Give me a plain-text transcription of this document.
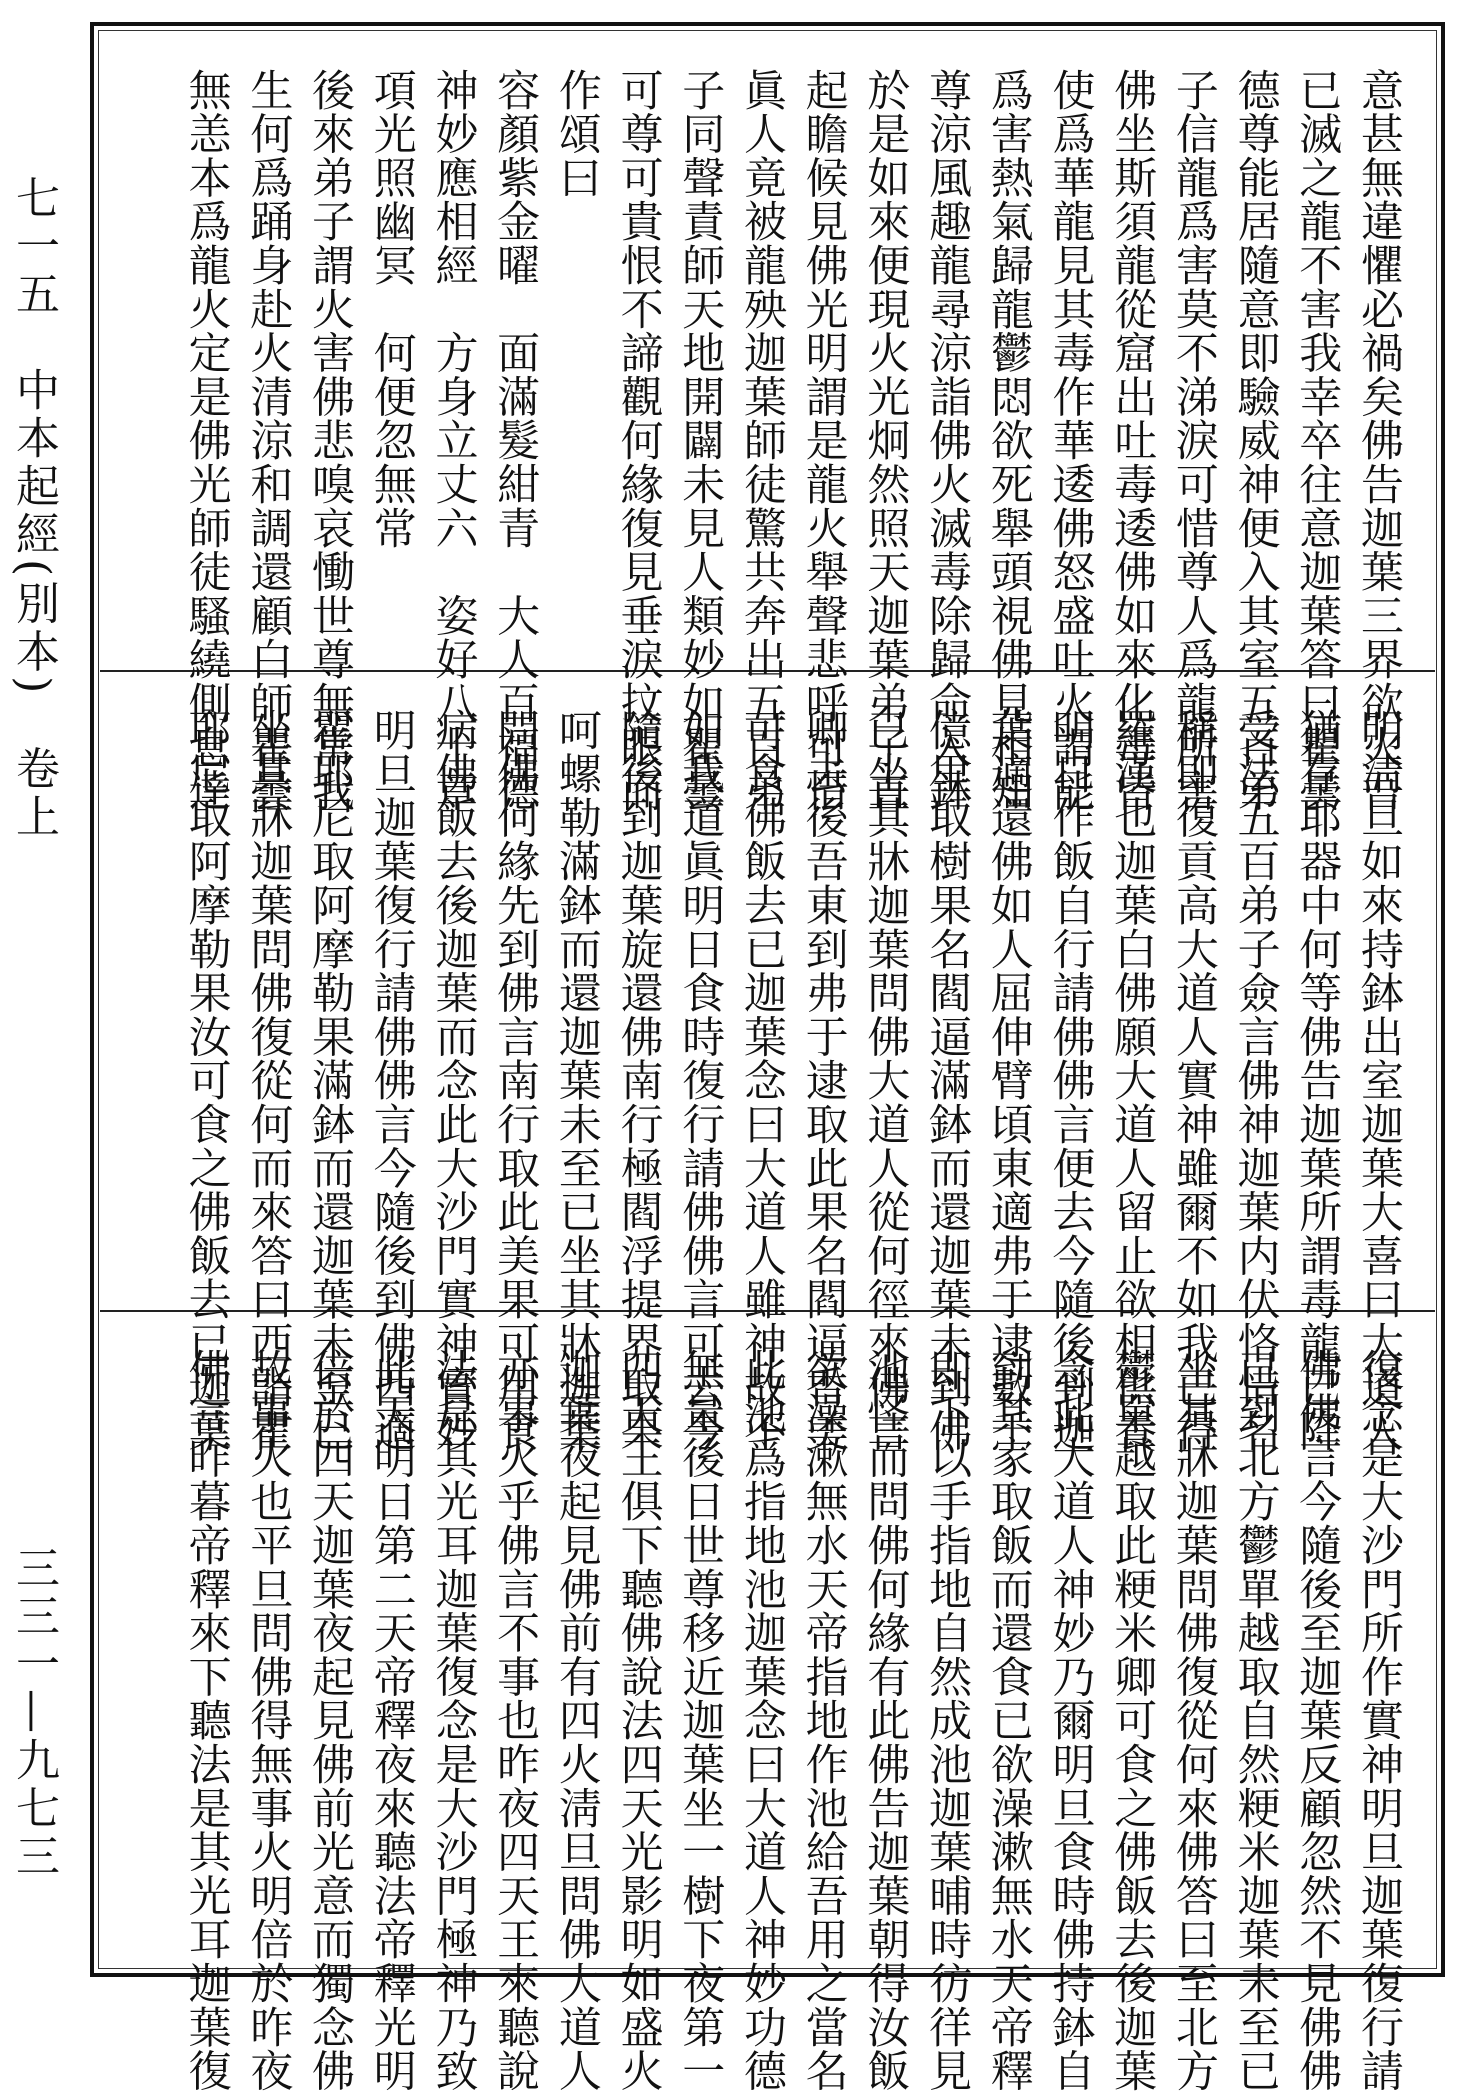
七一五　中本起經(別本)　卷上
三三一—九七三
意甚無違懼必禍矣佛告迦葉三界欲火吾
已滅之龍不害我幸卒往意迦葉答曰瞿曇
德尊能居隨意即驗威神便入其室五百弟
子信龍爲害莫不涕淚可惜尊人爲龍所害
佛坐斯須龍從窟出吐毒逶佛如來化毒皆
使爲華龍見其毒作華逶佛怒盛吐火謂能
爲害熱氣歸龍鬱悶欲死舉頭視佛見相知
尊涼風趣龍尋涼詣佛火滅毒除歸命入鉢
於是如來便現火光炯然照天迦葉弟子直
起瞻候見佛光明謂是龍火舉聲悲呼可惜
眞人竟被龍殃迦葉師徒驚共奔出五百弟
子同聲責師天地開闢未見人類妙如瞿曇
可尊可貴恨不諦觀何緣復見垂淚抆眼而
作頌曰
容顏紫金曜　面滿髮紺青　大人百福德
神妙應相經　方身立丈六　姿好八十章
項光照幽冥　何便忽無常
後來弟子謂火害佛悲嗅哀慟世尊無常我
生何爲踊身赴火清涼和調還顧白師瞿曇
無恙本爲龍火定是佛光師徒騷繞側息達
明淸旦如來持鉢出室迦葉大喜曰大道人
猶存耶器中何等佛告迦葉所謂毒龍已降
受法五百弟子僉言佛神迦葉内伏恪惜名
稱即復貢高大道人實神雖爾不如我已得
羅漢也迦葉白佛願大道人留止欲相供養
明日作飯自行請佛佛言便去今隨後到迦
葉適還佛如人屈伸臂頃東適弗于逮數千
億里取樹果名閻逼滿鉢而還迦葉未到佛
已坐其牀迦葉問佛大道人從何徑來佛言
卿去後吾東到弗于逮取此果名閻逼香美
可食佛飯去已迦葉念曰大道人雖神故不
如我道眞明日食時復行請佛佛言可去今
隨後到迦葉旋還佛南行極閻浮提界取果
呵螺勒滿鉢而還迦葉未至已坐其牀迦葉
問佛何緣先到佛言南行取此美果可用食
病佛飯去後迦葉而念此大沙門實神實妙
明旦迦葉復行請佛佛言今隨後到佛西適
瞿耶尼取阿摩勒果滿鉢而還迦葉未至已
坐其牀迦葉問佛復從何而來答曰西詣瞿
耶尼取阿摩勒果汝可食之佛飯去已迦葉
復念是大沙門所作實神明旦迦葉復行請
佛佛言今隨後至迦葉反顧忽然不見佛佛
已到北方鬱單越取自然粳米迦葉未至已
坐其牀迦葉問佛復從何來佛答曰至北方
鬱單越取此粳米卿可食之佛飯去後迦葉
念此大道人神妙乃爾明旦食時佛持鉢自
到其家取飯而還食已欲澡漱無水天帝釋
即下以手指地自然成池迦葉晡時彷徉見
池怪而問佛何緣有此佛告迦葉朝得汝飯
欲澡漱無水天帝指地作池給吾用之當名
此池爲指地池迦葉念曰大道人神妙功德
無量後日世尊移近迦葉坐一樹下夜第一
四天王俱下聽佛說法四天光影明如盛火
迦葉夜起見佛前有四火淸旦問佛大道人
亦事火乎佛言不事也昨夜四天王來聽說
法是其光耳迦葉復念是大沙門極神乃致
此天明日第二天帝釋夜來聽法帝釋光明
倍於四天迦葉夜起見佛前光意而獨念佛
故事火也平旦問佛得無事火明倍於昨夜
佛言昨暮帝釋來下聽法是其光耳迦葉復
